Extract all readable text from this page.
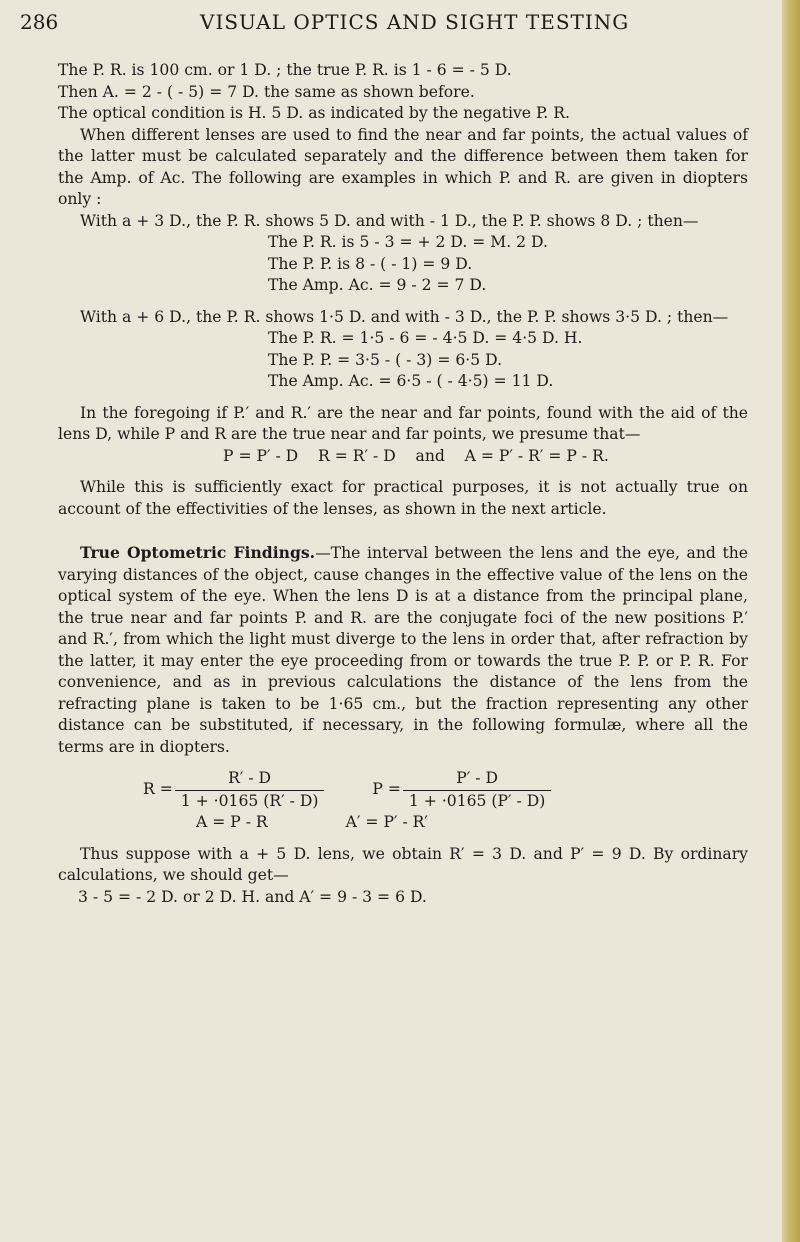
286	VISUAL OPTICS AND SIGHT TESTING

The P. R. is 100 cm. or 1 D. ; the true P. R. is 1 - 6 = - 5 D.

Then A. = 2 - ( - 5) = 7 D. the same as shown before.

The optical condition is H. 5 D. as indicated by the negative P. R.

When different lenses are used to find the near and far points, the actual values of the latter must be calculated separately and the difference between them taken for the Amp. of Ac. The following are examples in which P. and R. are given in diopters only :

With a + 3 D., the P. R. shows 5 D. and with - 1 D., the P. P. shows 8 D. ; then—

The P. R. is 5 - 3 = + 2 D. = M. 2 D.

The P. P. is 8 - ( - 1) = 9 D.

The Amp. Ac. = 9 - 2 = 7 D.

With a + 6 D., the P. R. shows 1·5 D. and with - 3 D., the P. P. shows 3·5 D. ; then—

The P. R. = 1·5 - 6 = - 4·5 D. = 4·5 D. H.

The P. P. = 3·5 - ( - 3) = 6·5 D.

The Amp. Ac. = 6·5 - ( - 4·5) = 11 D.

In the foregoing if P.′ and R.′ are the near and far points, found with the aid of the lens D, while P and R are the true near and far points, we presume that—

P = P′ - D    R = R′ - D    and    A = P′ - R′ = P - R.

While this is sufficiently exact for practical purposes, it is not actually true on account of the effectivities of the lenses, as shown in the next article.

True Optometric Findings.—The interval between the lens and the eye, and the varying distances of the object, cause changes in the effective value of the lens on the optical system of the eye. When the lens D is at a distance from the principal plane, the true near and far points P. and R. are the conjugate foci of the new positions P.′ and R.′, from which the light must diverge to the lens in order that, after refraction by the latter, it may enter the eye proceeding from or towards the true P. P. or P. R. For convenience, and as in previous calculations the distance of the lens from the refracting plane is taken to be 1·65 cm., but the fraction representing any other distance can be substituted, if necessary, in the following formulæ, where all the terms are in diopters.

$R = \frac{R' - D}{1 + \cdot 0165 (R' - D)}$	$P = \frac{P' - D}{1 + \cdot 0165 (P' - D)}$

A = P - R	A′ = P′ - R′

Thus suppose with a + 5 D. lens, we obtain R′ = 3 D. and P′ = 9 D. By ordinary calculations, we should get—

3 - 5 = - 2 D. or 2 D. H. and A′ = 9 - 3 = 6 D.
